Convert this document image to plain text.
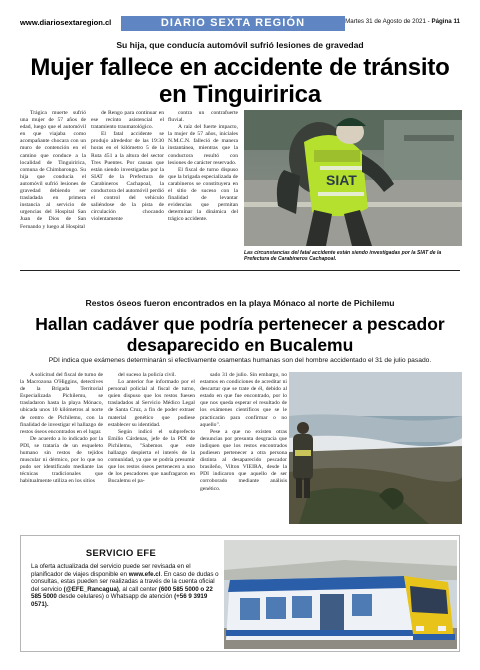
www.diariosextaregion.cl	DIARIO SEXTA REGIÓN	Martes 31 de Agosto de 2021 - Página 11
Su hija, que conducía automóvil sufrió lesiones de gravedad
Mujer fallece en accidente de tránsito
en Tinguiririca

Trágica muerte sufrió una mujer de 57 años de edad, luego que el automóvil en que viajaba como acompañante chocara con un muro de contención en el camino que conduce a la localidad de Tinguiririca, comuna de Chimbarongo. Su hija que conducía el automóvil sufrió lesiones de gravedad debiendo ser trasladada en primera instancia al servicio de urgencias del Hospital San Juan de Dios de San Fernando y luego al Hospital

de Rengo para continuar en ese recinto asistencial el tratamiento traumatológico.

El fatal accidente se produjo alrededor de las 19:30 horas en el kilómetro 5 de la Ruta 451 a la altura del sector Tres Puentes. Por causas que están siendo investigadas por la SIAT de la Prefectura de Carabineros Cachapoal, la conductora del automóvil perdió el control del vehículo saliéndose de la pista de circulación chocando violentamente

contra un contrafuerte fluvial.

A raíz del fuerte impacto, la mujer de 57 años, iniciales N.M.C.N. falleció de manera instantánea, mientras que la conductora resultó con lesiones de carácter reservado.

El fiscal de turno dispuso que la brigada especializada de carabineros se constituyera en el sitio de suceso con la finalidad de levantar evidencias que permitan determinar la dinámica del trágico accidente.

SIAT
Las circunstancias del fatal accidente están siendo investigadas por la SIAT de la Prefectura de Carabineros Cachapoal.
Restos óseos fueron encontrados en la playa Mónaco al norte de Pichilemu
Hallan cadáver que podría pertenecer a pescador
desaparecido en Bucalemu
PDI indica que exámenes determinarán si efectivamente osamentas humanas son del hombre accidentado el 31 de julio pasado.

A solicitud del fiscal de turno de la Macrozona O'Higgins, detectives de la Brigada Territorial Especializada Pichilemu, se trasladaron hasta la playa Mónaco, ubicada unos 10 kilómetros al norte de centro de Pichilemu, con la finalidad de investigar el hallazgo de restos óseos encontrados en el lugar.

De acuerdo a lo indicado por la PDI, se trataría de un esqueleto humano sin restos de tejidos muscular ni dérmico, por lo que no pudo ser identificado mediante las técnicas tradicionales que habitualmente utiliza en los sitios

del suceso la policía civil.

Lo anterior fue informado por el personal policial al fiscal de turno, quien dispuso que los restos fuesen trasladados al Servicio Médico Legal de Santa Cruz, a fin de poder extraer material genético que pudiese establecer su identidad.

Según indicó el subprefecto Emilio Cárdenas, jefe de la PDI de Pichilemu, "Sabemos que este hallazgo despierta el interés de la comunidad, ya que se podría presumir que los restos óseos pertenecen a uno de los pescadores que naufragaron en Bucalemu el pa-

sado 31 de julio. Sin embargo, no estamos en condiciones de acreditar ni descartar que se trate de él, debido al estado en que fue encontrado, por lo que nos queda esperar el resultado de los exámenes científicos que se le practicarán para confirmar o no aquello".

Pese a que no existen otras denuncias por presunta desgracia que indiquen que los restos encontrados pudiesen pertenecer a otra persona distinta al desaparecido pescador brasileño, Vilton VIEIRA, desde la PDI indicaron que aquello de ser corroborado mediante análisis genético.

SERVICIO EFE
La oferta actualizada del servicio puede ser revisada en el planificador de viajes disponible en www.efe.cl. En caso de dudas o consultas, estas pueden ser realizadas a través de la cuenta oficial del servicio (@EFE_Rancagua), al call center (600 585 5000 o 22 585 5000 desde celulares) o Whatsapp de atención (+56 9 3919 0571).
